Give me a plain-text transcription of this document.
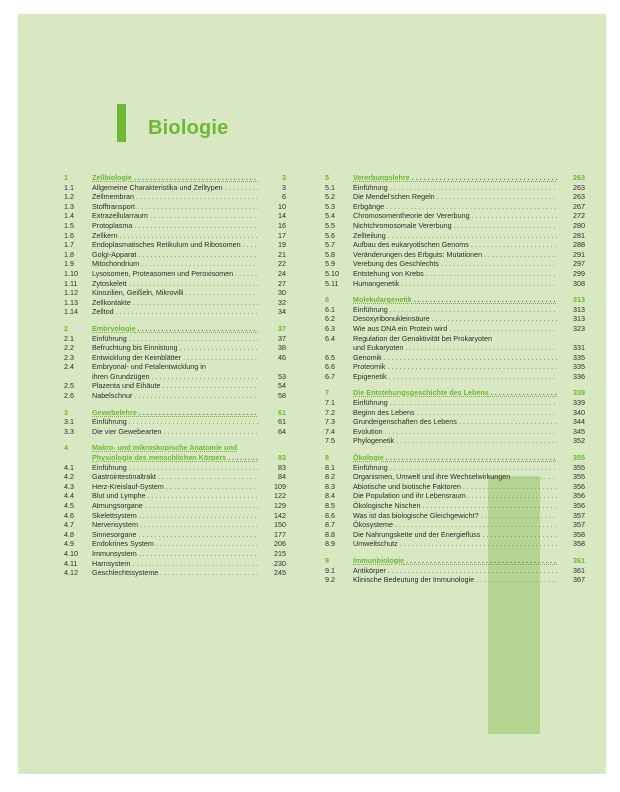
Biologie
1	Zellbiologie . . .	3
1.1	Allgemeine Charakteristika und Zelltypen . . .	3
1.2	Zellmembran . . .	6
1.3	Stofftransport . . .	10
1.4	Extrazellularraum . . .	14
1.5	Protoplasma . . .	16
1.6	Zellkern . . .	17
1.7	Endoplasmatisches Retikulum und Ribosomen . . .	19
1.8	Golgi-Apparat . . .	21
1.9	Mitochondrium . . .	22
1.10	Lysosomen, Proteasomen und Peroxisomen . . .	24
1.11	Zytoskelett . . .	27
1.12	Kinozilien, Geißeln, Mikrovilli . . .	30
1.13	Zellkontakte . . .	32
1.14	Zelltod . . .	34
2	Embryologie . . .	37
2.1	Einführung . . .	37
2.2	Befruchtung bis Einnistung . . .	38
2.3	Entwicklung der Keimblätter . . .	46
2.4	Embryonal- und Fetalentwicklung in
ihren Grundzügen . . .	53
2.5	Plazenta und Eihäute . . .	54
2.6	Nabelschnur . . .	58
3	Gewebelehre . . .	61
3.1	Einführung . . .	61
3.3	Die vier Gewebearten . . .	64
4	Makro- und mikroskopische Anatomie und
Physiologie des menschlichen Körpers . . .	83
4.1	Einführung . . .	83
4.2	Gastrointestinaltrakt . . .	84
4.3	Herz-Kreislauf-System . . .	109
4.4	Blut und Lymphe . . .	122
4.5	Atmungsorgane . . .	129
4.6	Skelettsystem . . .	142
4.7	Nervensystem . . .	150
4.8	Sinnesorgane . . .	177
4.9	Endokrines System . . .	206
4.10	Immunsystem . . .	215
4.11	Harnsystem . . .	230
4.12	Geschlechtssysteme . . .	245
5	Vererbungslehre . . .	263
5.1	Einführung . . .	263
5.2	Die Mendel'schen Regeln . . .	263
5.3	Erbgänge . . .	267
5.4	Chromosomentheorie der Vererbung . . .	272
5.5	Nichtchromosomale Vererbung . . .	280
5.6	Zellteilung . . .	281
5.7	Aufbau des eukaryotischen Genoms . . .	288
5.8	Veränderungen des Erbguts: Mutationen . . .	291
5.9	Verebung des Geschlechts . . .	297
5.10	Entstehung von Krebs . . .	299
5.11	Humangenetik . . .	308
6	Molekulargenetik . . .	313
6.1	Einführung . . .	313
6.2	Desoxyribonukleinsäure . . .	313
6.3	Wie aus DNA ein Protein wird . . .	323
6.4	Regulation der Genaktivität bei Prokaryoten
und Eukaryoten . . .	331
6.5	Genomik . . .	335
6.6	Proteomik . . .	335
6.7	Epigenetik . . .	336
7	Die Entstehungsgeschichte des Lebens . . .	339
7.1	Einführung . . .	339
7.2	Beginn des Lebens . . .	340
7.3	Grundeigenschaften des Lebens . . .	344
7.4	Evolution . . .	345
7.5	Phylogenetik . . .	352
8	Ökologie . . .	355
8.1	Einführung . . .	355
8.2	Organismen, Umwelt und ihre Wechselwirkungen . . .	355
8.3	Abiotische und biotische Faktoren . . .	356
8.4	Die Population und ihr Lebensraum . . .	356
8.5	Ökologische Nischen . . .	356
8.6	Was ist das biologische Gleichgewicht? . . .	357
8.7	Ökosysteme . . .	357
8.8	Die Nahrungskette und der Energiefluss . . .	358
8.9	Umweltschutz . . .	358
9	Immunbiologie . . .	361
9.1	Antikörper . . .	361
9.2	Klinische Bedeutung der Immunologie . . .	367
